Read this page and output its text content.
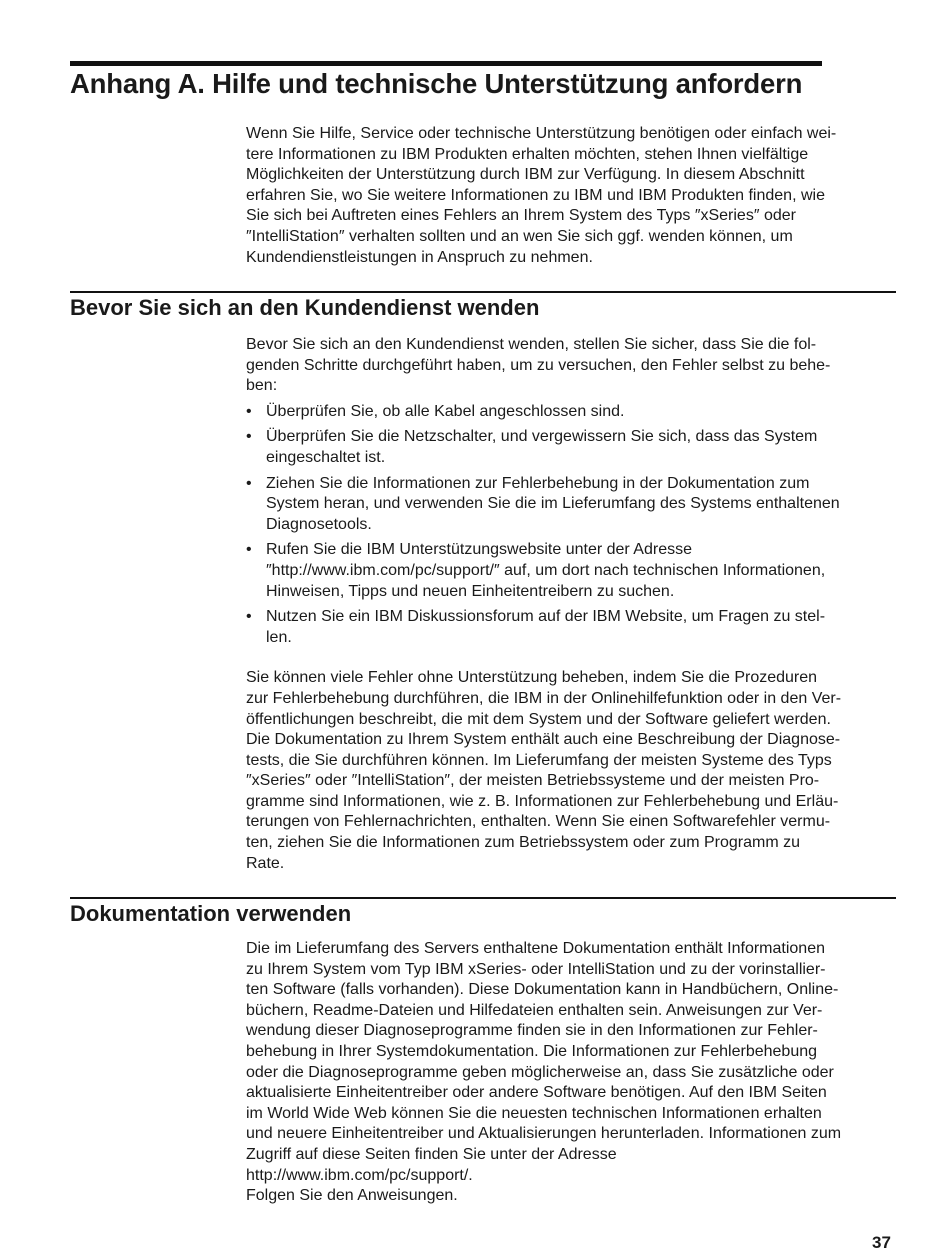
Anhang A. Hilfe und technische Unterstützung anfordern
Wenn Sie Hilfe, Service oder technische Unterstützung benötigen oder einfach wei-
tere Informationen zu IBM Produkten erhalten möchten, stehen Ihnen vielfältige
Möglichkeiten der Unterstützung durch IBM zur Verfügung. In diesem Abschnitt
erfahren Sie, wo Sie weitere Informationen zu IBM und IBM Produkten finden, wie
Sie sich bei Auftreten eines Fehlers an Ihrem System des Typs ″xSeries″ oder
″IntelliStation″ verhalten sollten und an wen Sie sich ggf. wenden können, um
Kundendienstleistungen in Anspruch zu nehmen.
Bevor Sie sich an den Kundendienst wenden
Bevor Sie sich an den Kundendienst wenden, stellen Sie sicher, dass Sie die fol-
genden Schritte durchgeführt haben, um zu versuchen, den Fehler selbst zu behe-
ben:
• Überprüfen Sie, ob alle Kabel angeschlossen sind.
• Überprüfen Sie die Netzschalter, und vergewissern Sie sich, dass das System
eingeschaltet ist.
• Ziehen Sie die Informationen zur Fehlerbehebung in der Dokumentation zum
System heran, und verwenden Sie die im Lieferumfang des Systems enthaltenen
Diagnosetools.
• Rufen Sie die IBM Unterstützungswebsite unter der Adresse
″http://www.ibm.com/pc/support/″ auf, um dort nach technischen Informationen,
Hinweisen, Tipps und neuen Einheitentreibern zu suchen.
• Nutzen Sie ein IBM Diskussionsforum auf der IBM Website, um Fragen zu stel-
len.
Sie können viele Fehler ohne Unterstützung beheben, indem Sie die Prozeduren
zur Fehlerbehebung durchführen, die IBM in der Onlinehilfefunktion oder in den Ver-
öffentlichungen beschreibt, die mit dem System und der Software geliefert werden.
Die Dokumentation zu Ihrem System enthält auch eine Beschreibung der Diagnose-
tests, die Sie durchführen können. Im Lieferumfang der meisten Systeme des Typs
″xSeries″ oder ″IntelliStation″, der meisten Betriebssysteme und der meisten Pro-
gramme sind Informationen, wie z. B. Informationen zur Fehlerbehebung und Erläu-
terungen von Fehlernachrichten, enthalten. Wenn Sie einen Softwarefehler vermu-
ten, ziehen Sie die Informationen zum Betriebssystem oder zum Programm zu
Rate.
Dokumentation verwenden
Die im Lieferumfang des Servers enthaltene Dokumentation enthält Informationen
zu Ihrem System vom Typ IBM xSeries- oder IntelliStation und zu der vorinstallier-
ten Software (falls vorhanden). Diese Dokumentation kann in Handbüchern, Online-
büchern, Readme-Dateien und Hilfedateien enthalten sein. Anweisungen zur Ver-
wendung dieser Diagnoseprogramme finden sie in den Informationen zur Fehler-
behebung in Ihrer Systemdokumentation. Die Informationen zur Fehlerbehebung
oder die Diagnoseprogramme geben möglicherweise an, dass Sie zusätzliche oder
aktualisierte Einheitentreiber oder andere Software benötigen. Auf den IBM Seiten
im World Wide Web können Sie die neuesten technischen Informationen erhalten
und neuere Einheitentreiber und Aktualisierungen herunterladen. Informationen zum
Zugriff auf diese Seiten finden Sie unter der Adresse
http://www.ibm.com/pc/support/.
Folgen Sie den Anweisungen.
37
